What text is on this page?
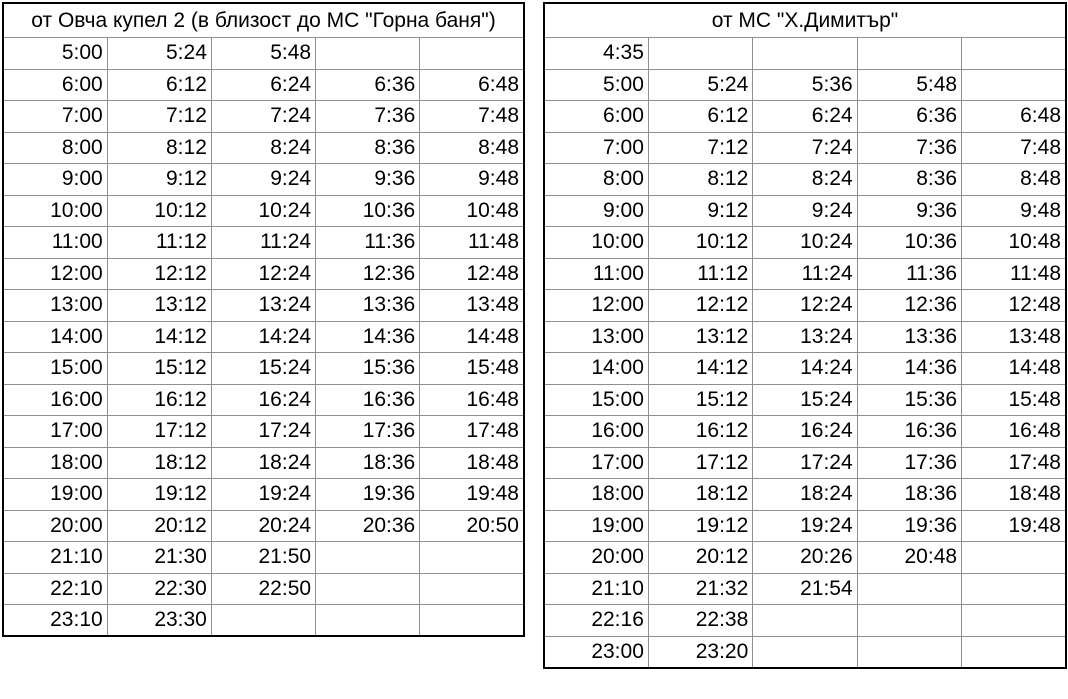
от Овча купел 2 (в близост до МС "Горна баня")				
5:00	5:24	5:48		
6:00	6:12	6:24	6:36	6:48
7:00	7:12	7:24	7:36	7:48
8:00	8:12	8:24	8:36	8:48
9:00	9:12	9:24	9:36	9:48
10:00	10:12	10:24	10:36	10:48
11:00	11:12	11:24	11:36	11:48
12:00	12:12	12:24	12:36	12:48
13:00	13:12	13:24	13:36	13:48
14:00	14:12	14:24	14:36	14:48
15:00	15:12	15:24	15:36	15:48
16:00	16:12	16:24	16:36	16:48
17:00	17:12	17:24	17:36	17:48
18:00	18:12	18:24	18:36	18:48
19:00	19:12	19:24	19:36	19:48
20:00	20:12	20:24	20:36	20:50
21:10	21:30	21:50		
22:10	22:30	22:50		
23:10	23:30			
от МС "Х.Димитър"				
4:35				
5:00	5:24	5:36	5:48	
6:00	6:12	6:24	6:36	6:48
7:00	7:12	7:24	7:36	7:48
8:00	8:12	8:24	8:36	8:48
9:00	9:12	9:24	9:36	9:48
10:00	10:12	10:24	10:36	10:48
11:00	11:12	11:24	11:36	11:48
12:00	12:12	12:24	12:36	12:48
13:00	13:12	13:24	13:36	13:48
14:00	14:12	14:24	14:36	14:48
15:00	15:12	15:24	15:36	15:48
16:00	16:12	16:24	16:36	16:48
17:00	17:12	17:24	17:36	17:48
18:00	18:12	18:24	18:36	18:48
19:00	19:12	19:24	19:36	19:48
20:00	20:12	20:26	20:48	
21:10	21:32	21:54		
22:16	22:38			
23:00	23:20			
